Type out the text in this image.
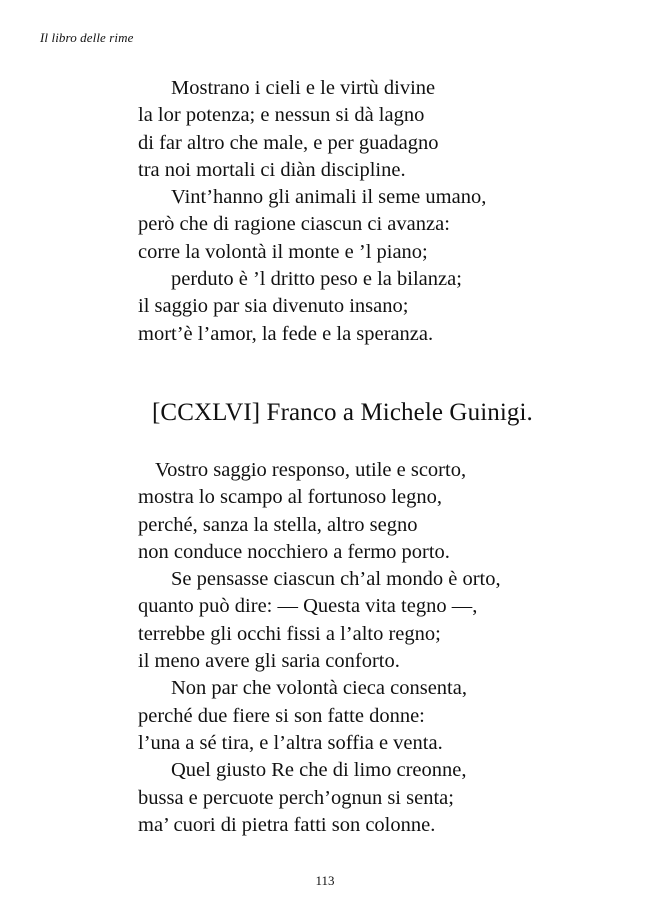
Il libro delle rime
Mostrano i cieli e le virtù divine
la lor potenza; e nessun si dà lagno
di far altro che male, e per guadagno
tra noi mortali ci diàn discipline.
Vint’hanno gli animali il seme umano,
però che di ragione ciascun ci avanza:
corre la volontà il monte e ’l piano;
perduto è ’l dritto peso e la bilanza;
il saggio par sia divenuto insano;
mort’è l’amor, la fede e la speranza.
[CCXLVI] Franco a Michele Guinigi.
Vostro saggio responso, utile e scorto,
mostra lo scampo al fortunoso legno,
perché, sanza la stella, altro segno
non conduce nocchiero a fermo porto.
Se pensasse ciascun ch’al mondo è orto,
quanto può dire: — Questa vita tegno —,
terrebbe gli occhi fissi a l’alto regno;
il meno avere gli saria conforto.
Non par che volontà cieca consenta,
perché due fiere si son fatte donne:
l’una a sé tira, e l’altra soffia e venta.
Quel giusto Re che di limo creonne,
bussa e percuote perch’ognun si senta;
ma’ cuori di pietra fatti son colonne.
113
